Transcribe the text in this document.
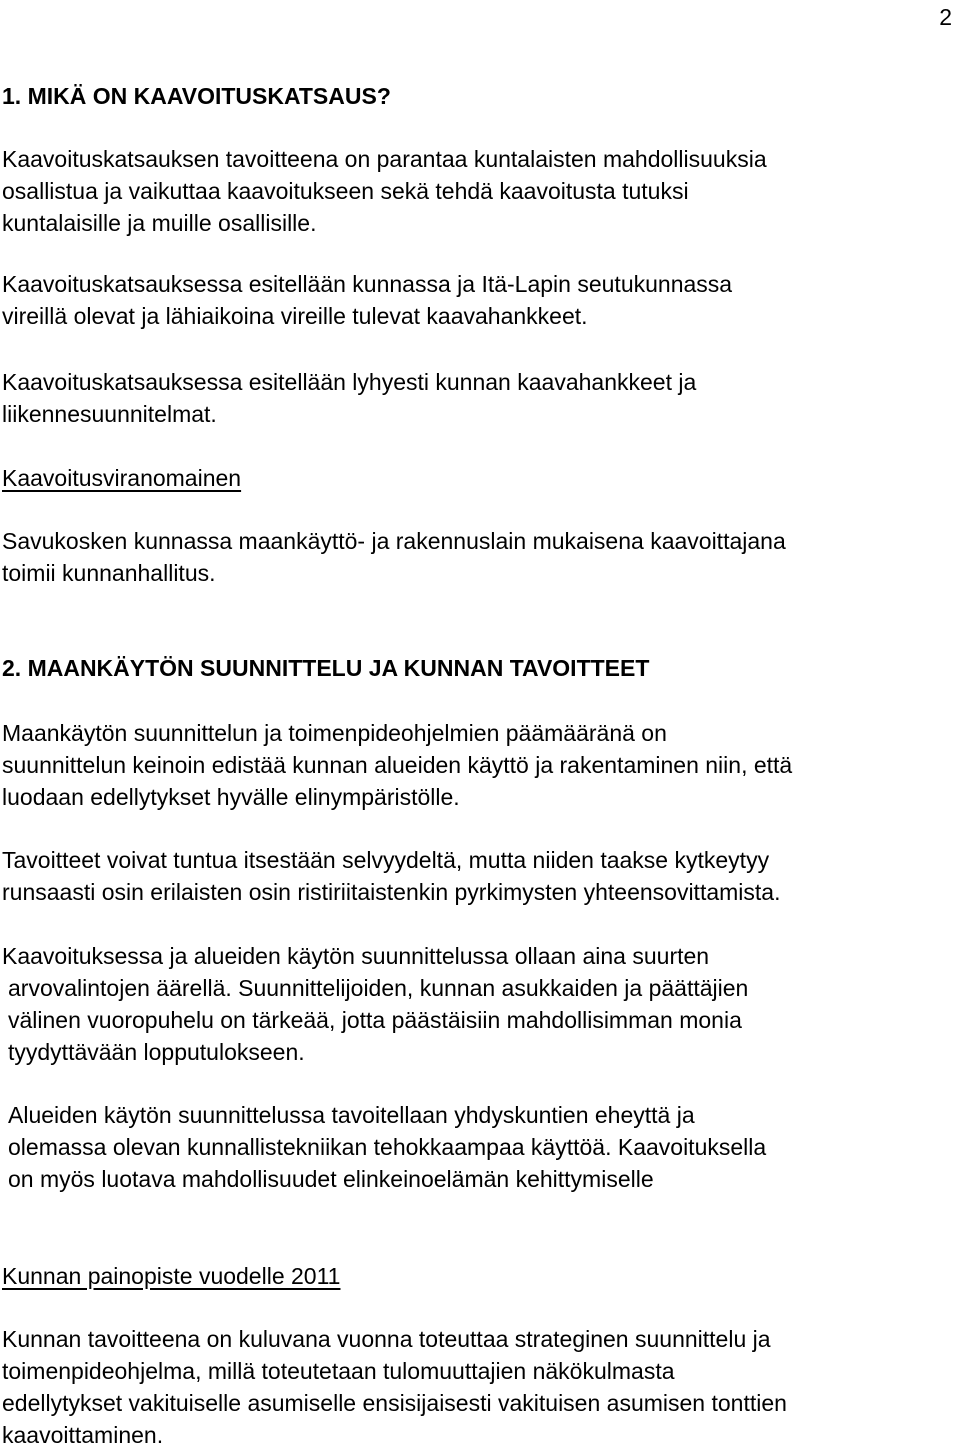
2
1. MIKÄ ON KAAVOITUSKATSAUS?

Kaavoituskatsauksen tavoitteena on parantaa kuntalaisten mahdollisuuksia
osallistua ja vaikuttaa kaavoitukseen sekä tehdä kaavoitusta tutuksi
kuntalaisille ja muille osallisille.

Kaavoituskatsauksessa esitellään kunnassa ja Itä-Lapin seutukunnassa
vireillä olevat ja lähiaikoina vireille tulevat kaavahankkeet.

Kaavoituskatsauksessa esitellään lyhyesti kunnan kaavahankkeet ja
liikennesuunnitelmat.

Kaavoitusviranomainen

Savukosken kunnassa maankäyttö- ja rakennuslain mukaisena kaavoittajana
toimii kunnanhallitus.

2. MAANKÄYTÖN SUUNNITTELU JA KUNNAN TAVOITTEET

Maankäytön suunnittelun ja toimenpideohjelmien päämääränä on
suunnittelun keinoin edistää kunnan alueiden käyttö ja rakentaminen niin, että
luodaan edellytykset hyvälle elinympäristölle.

Tavoitteet voivat tuntua itsestään selvyydeltä, mutta niiden taakse kytkeytyy
runsaasti osin erilaisten osin ristiriitaistenkin pyrkimysten yhteensovittamista.

Kaavoituksessa ja alueiden käytön suunnittelussa ollaan aina suurten
arvovalintojen äärellä. Suunnittelijoiden, kunnan asukkaiden ja päättäjien
välinen vuoropuhelu on tärkeää, jotta päästäisiin mahdollisimman monia
tyydyttävään lopputulokseen.

Alueiden käytön suunnittelussa tavoitellaan yhdyskuntien eheyttä ja
olemassa olevan kunnallistekniikan tehokkaampaa käyttöä. Kaavoituksella
on myös luotava mahdollisuudet elinkeinoelämän kehittymiselle

Kunnan painopiste vuodelle 2011

Kunnan tavoitteena on kuluvana vuonna toteuttaa strateginen suunnittelu ja
toimenpideohjelma, millä toteutetaan tulomuuttajien näkökulmasta
edellytykset vakituiselle asumiselle ensisijaisesti vakituisen asumisen tonttien
kaavoittaminen.
